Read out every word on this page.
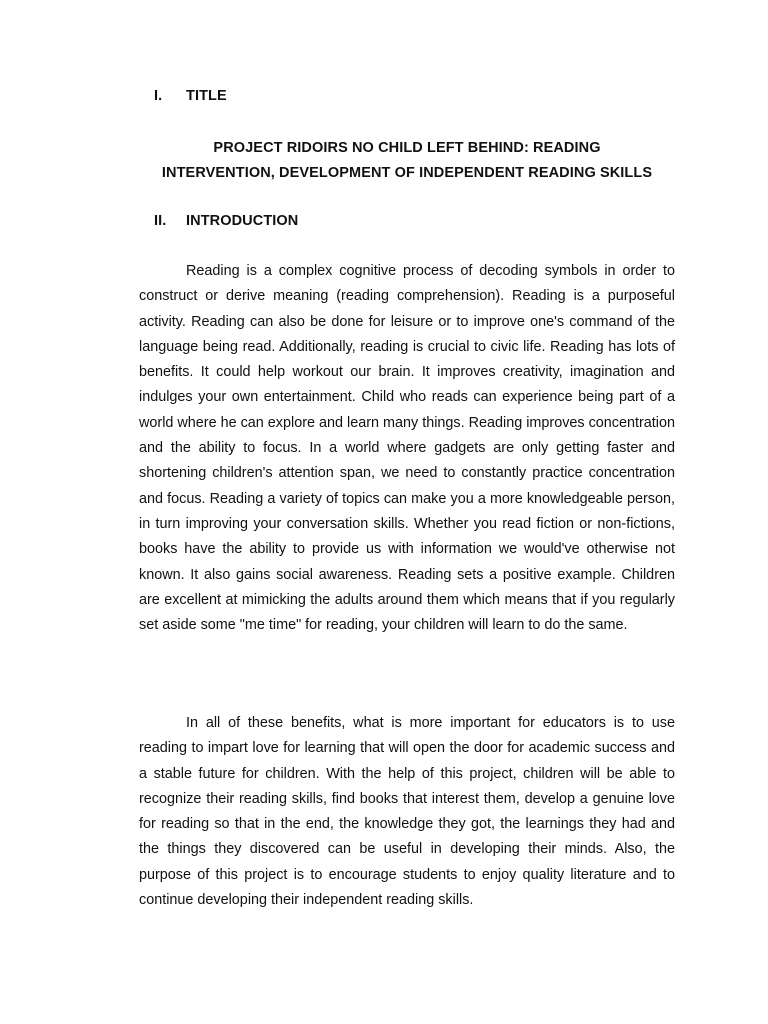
I. TITLE
PROJECT RIDOIRS NO CHILD LEFT BEHIND: READING
INTERVENTION, DEVELOPMENT OF INDEPENDENT READING SKILLS
II. INTRODUCTION

Reading is a complex cognitive process of decoding symbols in order to construct or derive meaning (reading comprehension). Reading is a purposeful activity. Reading can also be done for leisure or to improve one's command of the language being read. Additionally, reading is crucial to civic life. Reading has lots of benefits. It could help workout our brain. It improves creativity, imagination and indulges your own entertainment. Child who reads can experience being part of a world where he can explore and learn many things. Reading improves concentration and the ability to focus. In a world where gadgets are only getting faster and shortening children's attention span, we need to constantly practice concentration and focus. Reading a variety of topics can make you a more knowledgeable person, in turn improving your conversation skills. Whether you read fiction or non-fictions, books have the ability to provide us with information we would've otherwise not known. It also gains social awareness. Reading sets a positive example. Children are excellent at mimicking the adults around them which means that if you regularly set aside some "me time" for reading, your children will learn to do the same.

In all of these benefits, what is more important for educators is to use reading to impart love for learning that will open the door for academic success and a stable future for children. With the help of this project, children will be able to recognize their reading skills, find books that interest them, develop a genuine love for reading so that in the end, the knowledge they got, the learnings they had and the things they discovered can be useful in developing their minds. Also, the purpose of this project is to encourage students to enjoy quality literature and to continue developing their independent reading skills.
